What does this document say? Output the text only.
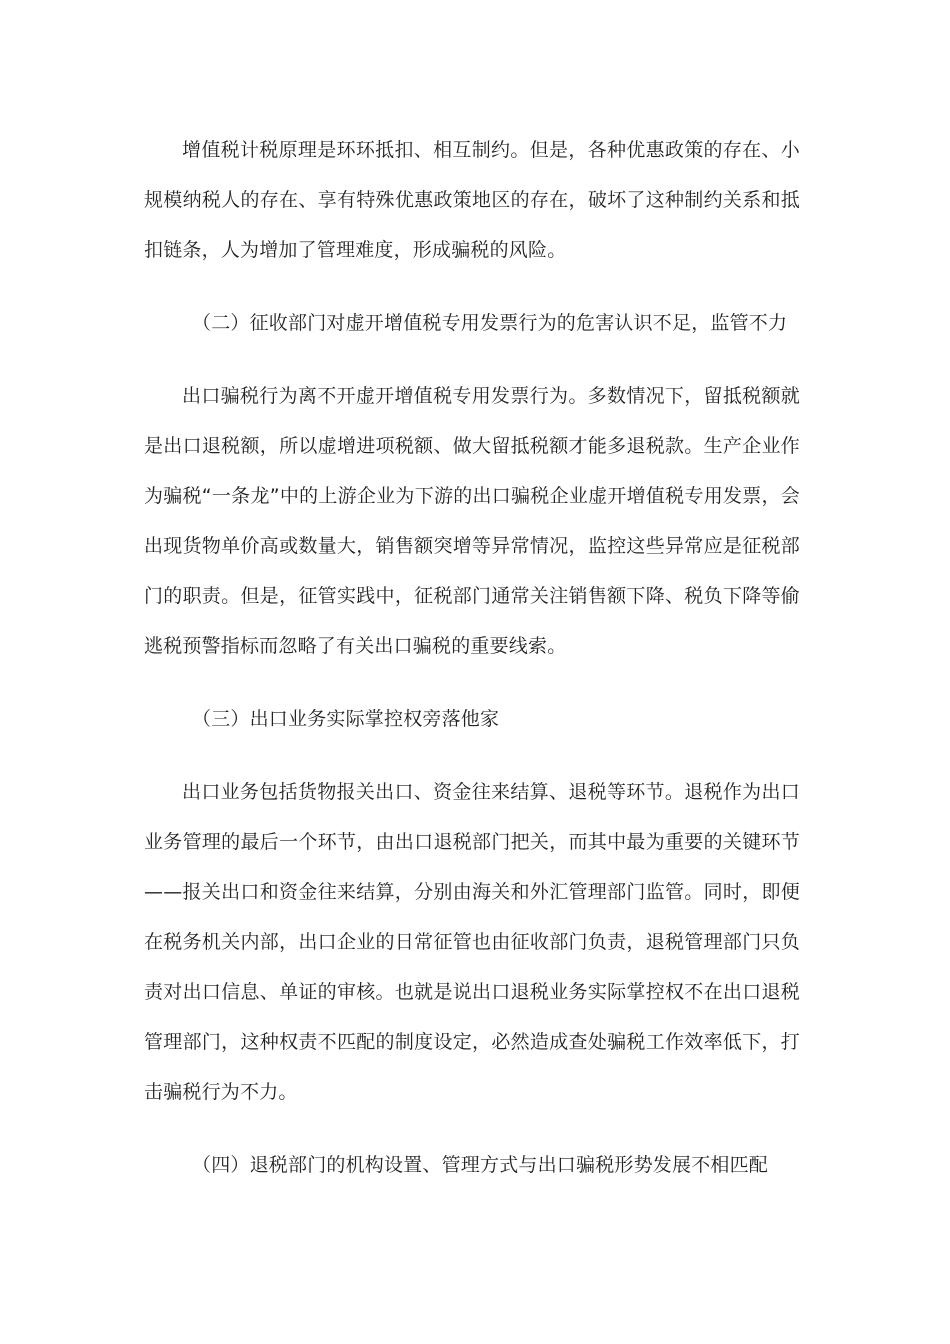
增值税计税原理是环环抵扣、相互制约。但是，各种优惠政策的存在、小规模纳税人的存在、享有特殊优惠政策地区的存在，破坏了这种制约关系和抵扣链条，人为增加了管理难度，形成骗税的风险。

（二）征收部门对虚开增值税专用发票行为的危害认识不足，监管不力

出口骗税行为离不开虚开增值税专用发票行为。多数情况下，留抵税额就是出口退税额，所以虚增进项税额、做大留抵税额才能多退税款。生产企业作为骗税“一条龙”中的上游企业为下游的出口骗税企业虚开增值税专用发票，会出现货物单价高或数量大，销售额突增等异常情况，监控这些异常应是征税部门的职责。但是，征管实践中，征税部门通常关注销售额下降、税负下降等偷逃税预警指标而忽略了有关出口骗税的重要线索。

（三）出口业务实际掌控权旁落他家

出口业务包括货物报关出口、资金往来结算、退税等环节。退税作为出口业务管理的最后一个环节，由出口退税部门把关，而其中最为重要的关键环节——报关出口和资金往来结算，分别由海关和外汇管理部门监管。同时，即便在税务机关内部，出口企业的日常征管也由征收部门负责，退税管理部门只负责对出口信息、单证的审核。也就是说出口退税业务实际掌控权不在出口退税管理部门，这种权责不匹配的制度设定，必然造成查处骗税工作效率低下，打击骗税行为不力。

（四）退税部门的机构设置、管理方式与出口骗税形势发展不相匹配
